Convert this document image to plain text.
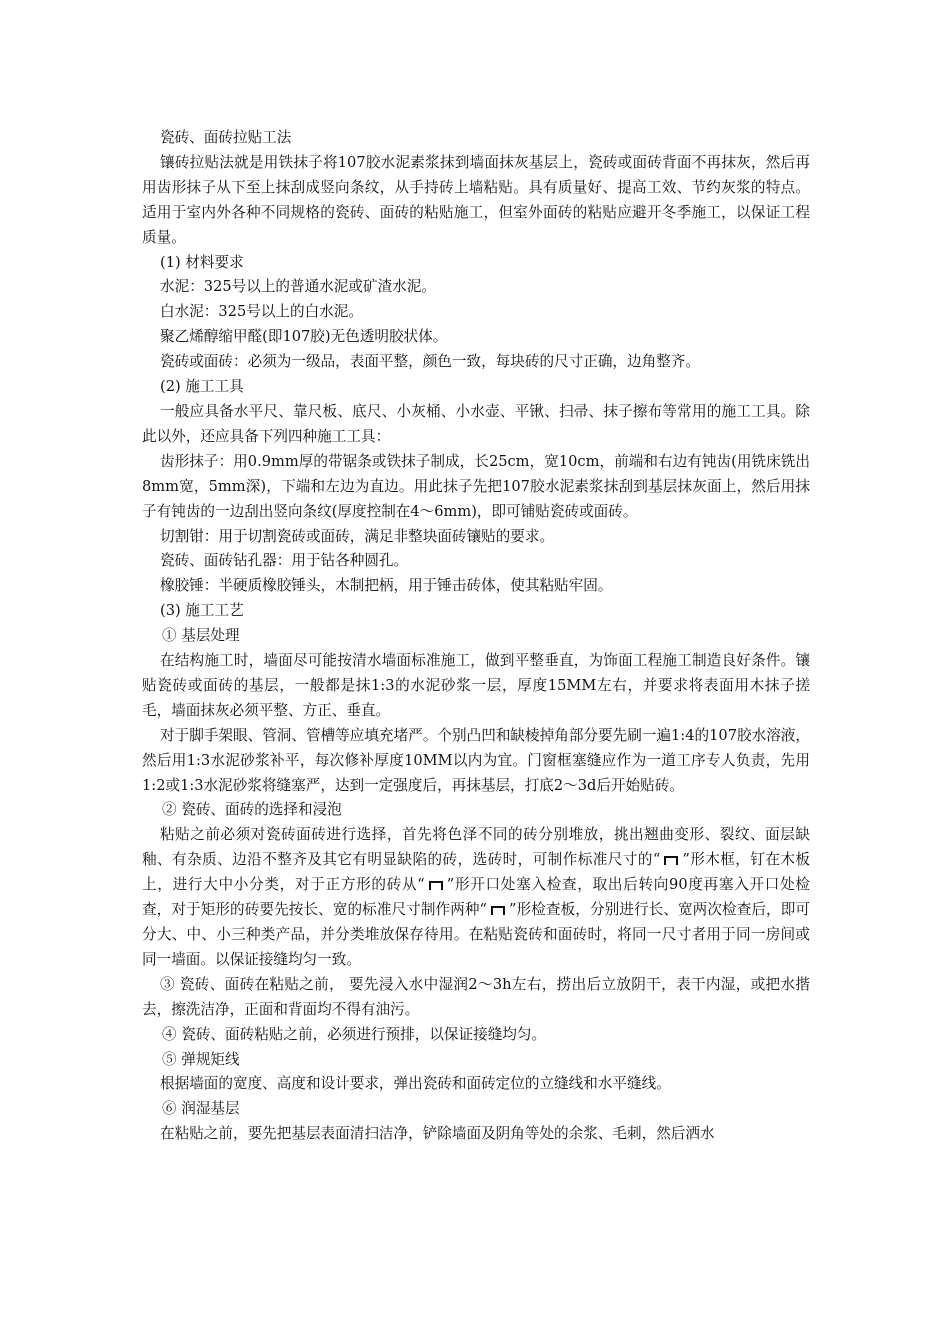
瓷砖、面砖拉贴工法

镶砖拉贴法就是用铁抹子将107胶水泥素浆抹到墙面抹灰基层上，瓷砖或面砖背面不再抹灰，然后再用齿形抹子从下至上抹刮成竖向条纹，从手持砖上墙粘贴。具有质量好、提高工效、节约灰浆的特点。适用于室内外各种不同规格的瓷砖、面砖的粘贴施工，但室外面砖的粘贴应避开冬季施工，以保证工程质量。

(1) 材料要求

水泥：325号以上的普通水泥或矿渣水泥。

白水泥：325号以上的白水泥。

聚乙烯醇缩甲醛(即107胶)无色透明胶状体。

瓷砖或面砖：必须为一级品，表面平整，颜色一致，每块砖的尺寸正确，边角整齐。

(2) 施工工具

一般应具备水平尺、靠尺板、底尺、小灰桶、小水壶、平锹、扫帚、抹子擦布等常用的施工工具。除此以外，还应具备下列四种施工工具：

齿形抹子：用0.9mm厚的带锯条或铁抹子制成，长25cm，宽10cm，前端和右边有钝齿(用铣床铣出8mm宽，5mm深)，下端和左边为直边。用此抹子先把107胶水泥素浆抹刮到基层抹灰面上，然后用抹子有钝齿的一边刮出竖向条纹(厚度控制在4～6mm)，即可铺贴瓷砖或面砖。

切割钳：用于切割瓷砖或面砖，满足非整块面砖镶贴的要求。

瓷砖、面砖钻孔器：用于钻各种圆孔。

橡胶锤：半硬质橡胶锤头，木制把柄，用于锤击砖体，使其粘贴牢固。

(3) 施工工艺

① 基层处理

在结构施工时，墙面尽可能按清水墙面标准施工，做到平整垂直，为饰面工程施工制造良好条件。镶贴瓷砖或面砖的基层，一般都是抹1:3的水泥砂浆一层，厚度15MM左右，并要求将表面用木抹子搓毛，墙面抹灰必须平整、方正、垂直。

对于脚手架眼、管洞、管槽等应填充堵严。个别凸凹和缺棱掉角部分要先刷一遍1:4的107胶水溶液， 然后用1:3水泥砂浆补平，每次修补厚度10MM以内为宜。门窗框塞缝应作为一道工序专人负责，先用1:2或1:3水泥砂浆将缝塞严，达到一定强度后，再抹基层，打底2～3d后开始贴砖。

② 瓷砖、面砖的选择和浸泡

粘贴之前必须对瓷砖面砖进行选择，首先将色泽不同的砖分别堆放，挑出翘曲变形、裂纹、面层缺釉、有杂质、边沿不整齐及其它有明显缺陷的砖，选砖时，可制作标准尺寸的“ ”形木框，钉在木板上，进行大中小分类，对于正方形的砖从“ ”形开口处塞入检查，取出后转向90度再塞入开口处检查，对于矩形的砖要先按长、宽的标准尺寸制作两种“ ”形检查板，分别进行长、宽两次检查后，即可分大、中、小三种类产品，并分类堆放保存待用。在粘贴瓷砖和面砖时，将同一尺寸者用于同一房间或同一墙面。以保证接缝均匀一致。

③ 瓷砖、面砖在粘贴之前， 要先浸入水中湿润2～3h左右，捞出后立放阴干，表干内湿，或把水揩去，擦洗洁净，正面和背面均不得有油污。

④ 瓷砖、面砖粘贴之前，必须进行预排，以保证接缝均匀。

⑤ 弹规矩线

根据墙面的宽度、高度和设计要求，弹出瓷砖和面砖定位的立缝线和水平缝线。

⑥ 润湿基层

在粘贴之前，要先把基层表面清扫洁净，铲除墙面及阴角等处的余浆、毛刺，然后洒水
